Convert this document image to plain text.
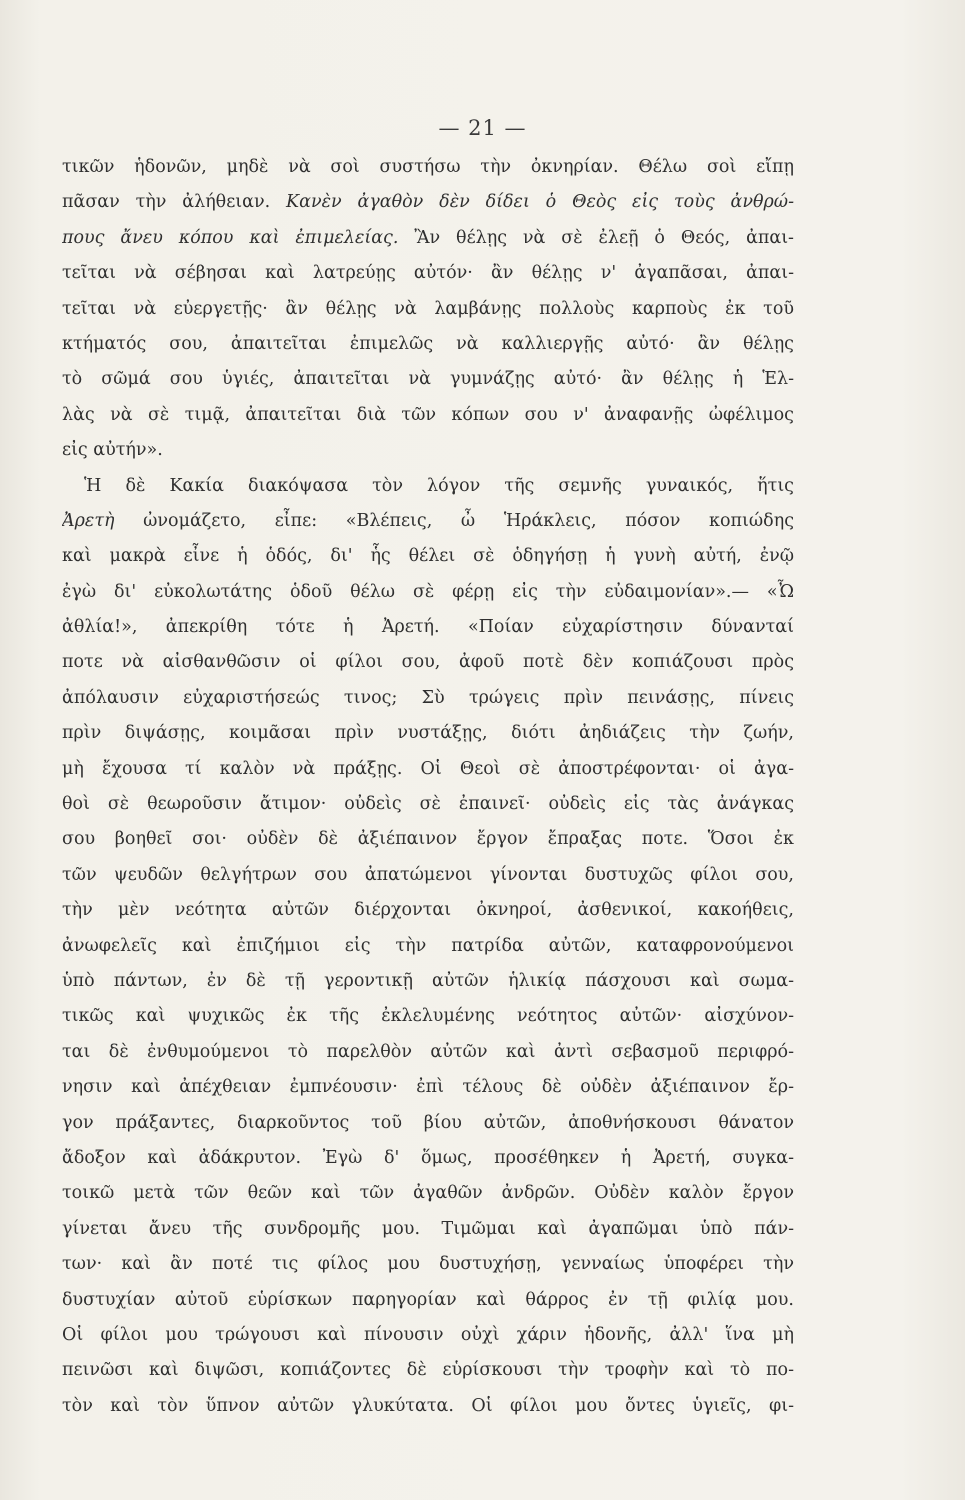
— 21 —
τικῶν ἡδονῶν, μηδὲ νὰ σοὶ συστήσω τὴν ὀκνηρίαν. Θέλω σοὶ εἴπῃ
πᾶσαν τὴν ἀλήθειαν. Κανὲν ἀγαθὸν δὲν δίδει ὁ Θεὸς εἰς τοὺς ἀνθρώ-
πους ἄνευ κόπου καὶ ἐπιμελείας. Ἂν θέλῃς νὰ σὲ ἐλεῇ ὁ Θεός, ἀπαι-
τεῖται νὰ σέβησαι καὶ λατρεύῃς αὐτόν· ἂν θέλῃς ν' ἀγαπᾶσαι, ἀπαι-
τεῖται νὰ εὐεργετῇς· ἂν θέλῃς νὰ λαμβάνῃς πολλοὺς καρποὺς ἐκ τοῦ
κτήματός σου, ἀπαιτεῖται ἐπιμελῶς νὰ καλλιεργῇς αὐτό· ἂν θέλῃς
τὸ σῶμά σου ὑγιές, ἀπαιτεῖται νὰ γυμνάζῃς αὐτό· ἂν θέλῃς ἡ Ἑλ-
λὰς νὰ σὲ τιμᾷ, ἀπαιτεῖται διὰ τῶν κόπων σου ν' ἀναφανῇς ὠφέλιμος
εἰς αὐτήν».
Ἡ δὲ Κακία διακόψασα τὸν λόγον τῆς σεμνῆς γυναικός, ἥτις
Ἀρετὴ ὠνομάζετο, εἶπε: «Βλέπεις, ὦ Ἡράκλεις, πόσον κοπιώδης
καὶ μακρὰ εἶνε ἡ ὁδός, δι' ἧς θέλει σὲ ὁδηγήσῃ ἡ γυνὴ αὐτή, ἐνῷ
ἐγὼ δι' εὐκολωτάτης ὁδοῦ θέλω σὲ φέρῃ εἰς τὴν εὐδαιμονίαν».— «Ὦ
ἀθλία!», ἀπεκρίθη τότε ἡ Ἀρετή. «Ποίαν εὐχαρίστησιν δύνανταί
ποτε νὰ αἰσθανθῶσιν οἱ φίλοι σου, ἀφοῦ ποτὲ δὲν κοπιάζουσι πρὸς
ἀπόλαυσιν εὐχαριστήσεώς τινος; Σὺ τρώγεις πρὶν πεινάσῃς, πίνεις
πρὶν διψάσῃς, κοιμᾶσαι πρὶν νυστάξῃς, διότι ἀηδιάζεις τὴν ζωήν,
μὴ ἔχουσα τί καλὸν νὰ πράξῃς. Οἱ Θεοὶ σὲ ἀποστρέφονται· οἱ ἀγα-
θοὶ σὲ θεωροῦσιν ἄτιμον· οὐδεὶς σὲ ἐπαινεῖ· οὐδεὶς εἰς τὰς ἀνάγκας
σου βοηθεῖ σοι· οὐδὲν δὲ ἀξιέπαινον ἔργον ἔπραξας ποτε. Ὅσοι ἐκ
τῶν ψευδῶν θελγήτρων σου ἀπατώμενοι γίνονται δυστυχῶς φίλοι σου,
τὴν μὲν νεότητα αὐτῶν διέρχονται ὀκνηροί, ἀσθενικοί, κακοήθεις,
ἀνωφελεῖς καὶ ἐπιζήμιοι εἰς τὴν πατρίδα αὐτῶν, καταφρονούμενοι
ὑπὸ πάντων, ἐν δὲ τῇ γεροντικῇ αὐτῶν ἡλικίᾳ πάσχουσι καὶ σωμα-
τικῶς καὶ ψυχικῶς ἐκ τῆς ἐκλελυμένης νεότητος αὐτῶν· αἰσχύνον-
ται δὲ ἐνθυμούμενοι τὸ παρελθὸν αὐτῶν καὶ ἀντὶ σεβασμοῦ περιφρό-
νησιν καὶ ἀπέχθειαν ἐμπνέουσιν· ἐπὶ τέλους δὲ οὐδὲν ἀξιέπαινον ἔρ-
γον πράξαντες, διαρκοῦντος τοῦ βίου αὐτῶν, ἀποθνήσκουσι θάνατον
ἄδοξον καὶ ἀδάκρυτον. Ἐγὼ δ' ὅμως, προσέθηκεν ἡ Ἀρετή, συγκα-
τοικῶ μετὰ τῶν θεῶν καὶ τῶν ἀγαθῶν ἀνδρῶν. Οὐδὲν καλὸν ἔργον
γίνεται ἄνευ τῆς συνδρομῆς μου. Τιμῶμαι καὶ ἀγαπῶμαι ὑπὸ πάν-
των· καὶ ἂν ποτέ τις φίλος μου δυστυχήσῃ, γενναίως ὑποφέρει τὴν
δυστυχίαν αὐτοῦ εὑρίσκων παρηγορίαν καὶ θάρρος ἐν τῇ φιλίᾳ μου.
Οἱ φίλοι μου τρώγουσι καὶ πίνουσιν οὐχὶ χάριν ἡδονῆς, ἀλλ' ἵνα μὴ
πεινῶσι καὶ διψῶσι, κοπιάζοντες δὲ εὑρίσκουσι τὴν τροφὴν καὶ τὸ πο-
τὸν καὶ τὸν ὕπνον αὐτῶν γλυκύτατα. Οἱ φίλοι μου ὄντες ὑγιεῖς, φι-
